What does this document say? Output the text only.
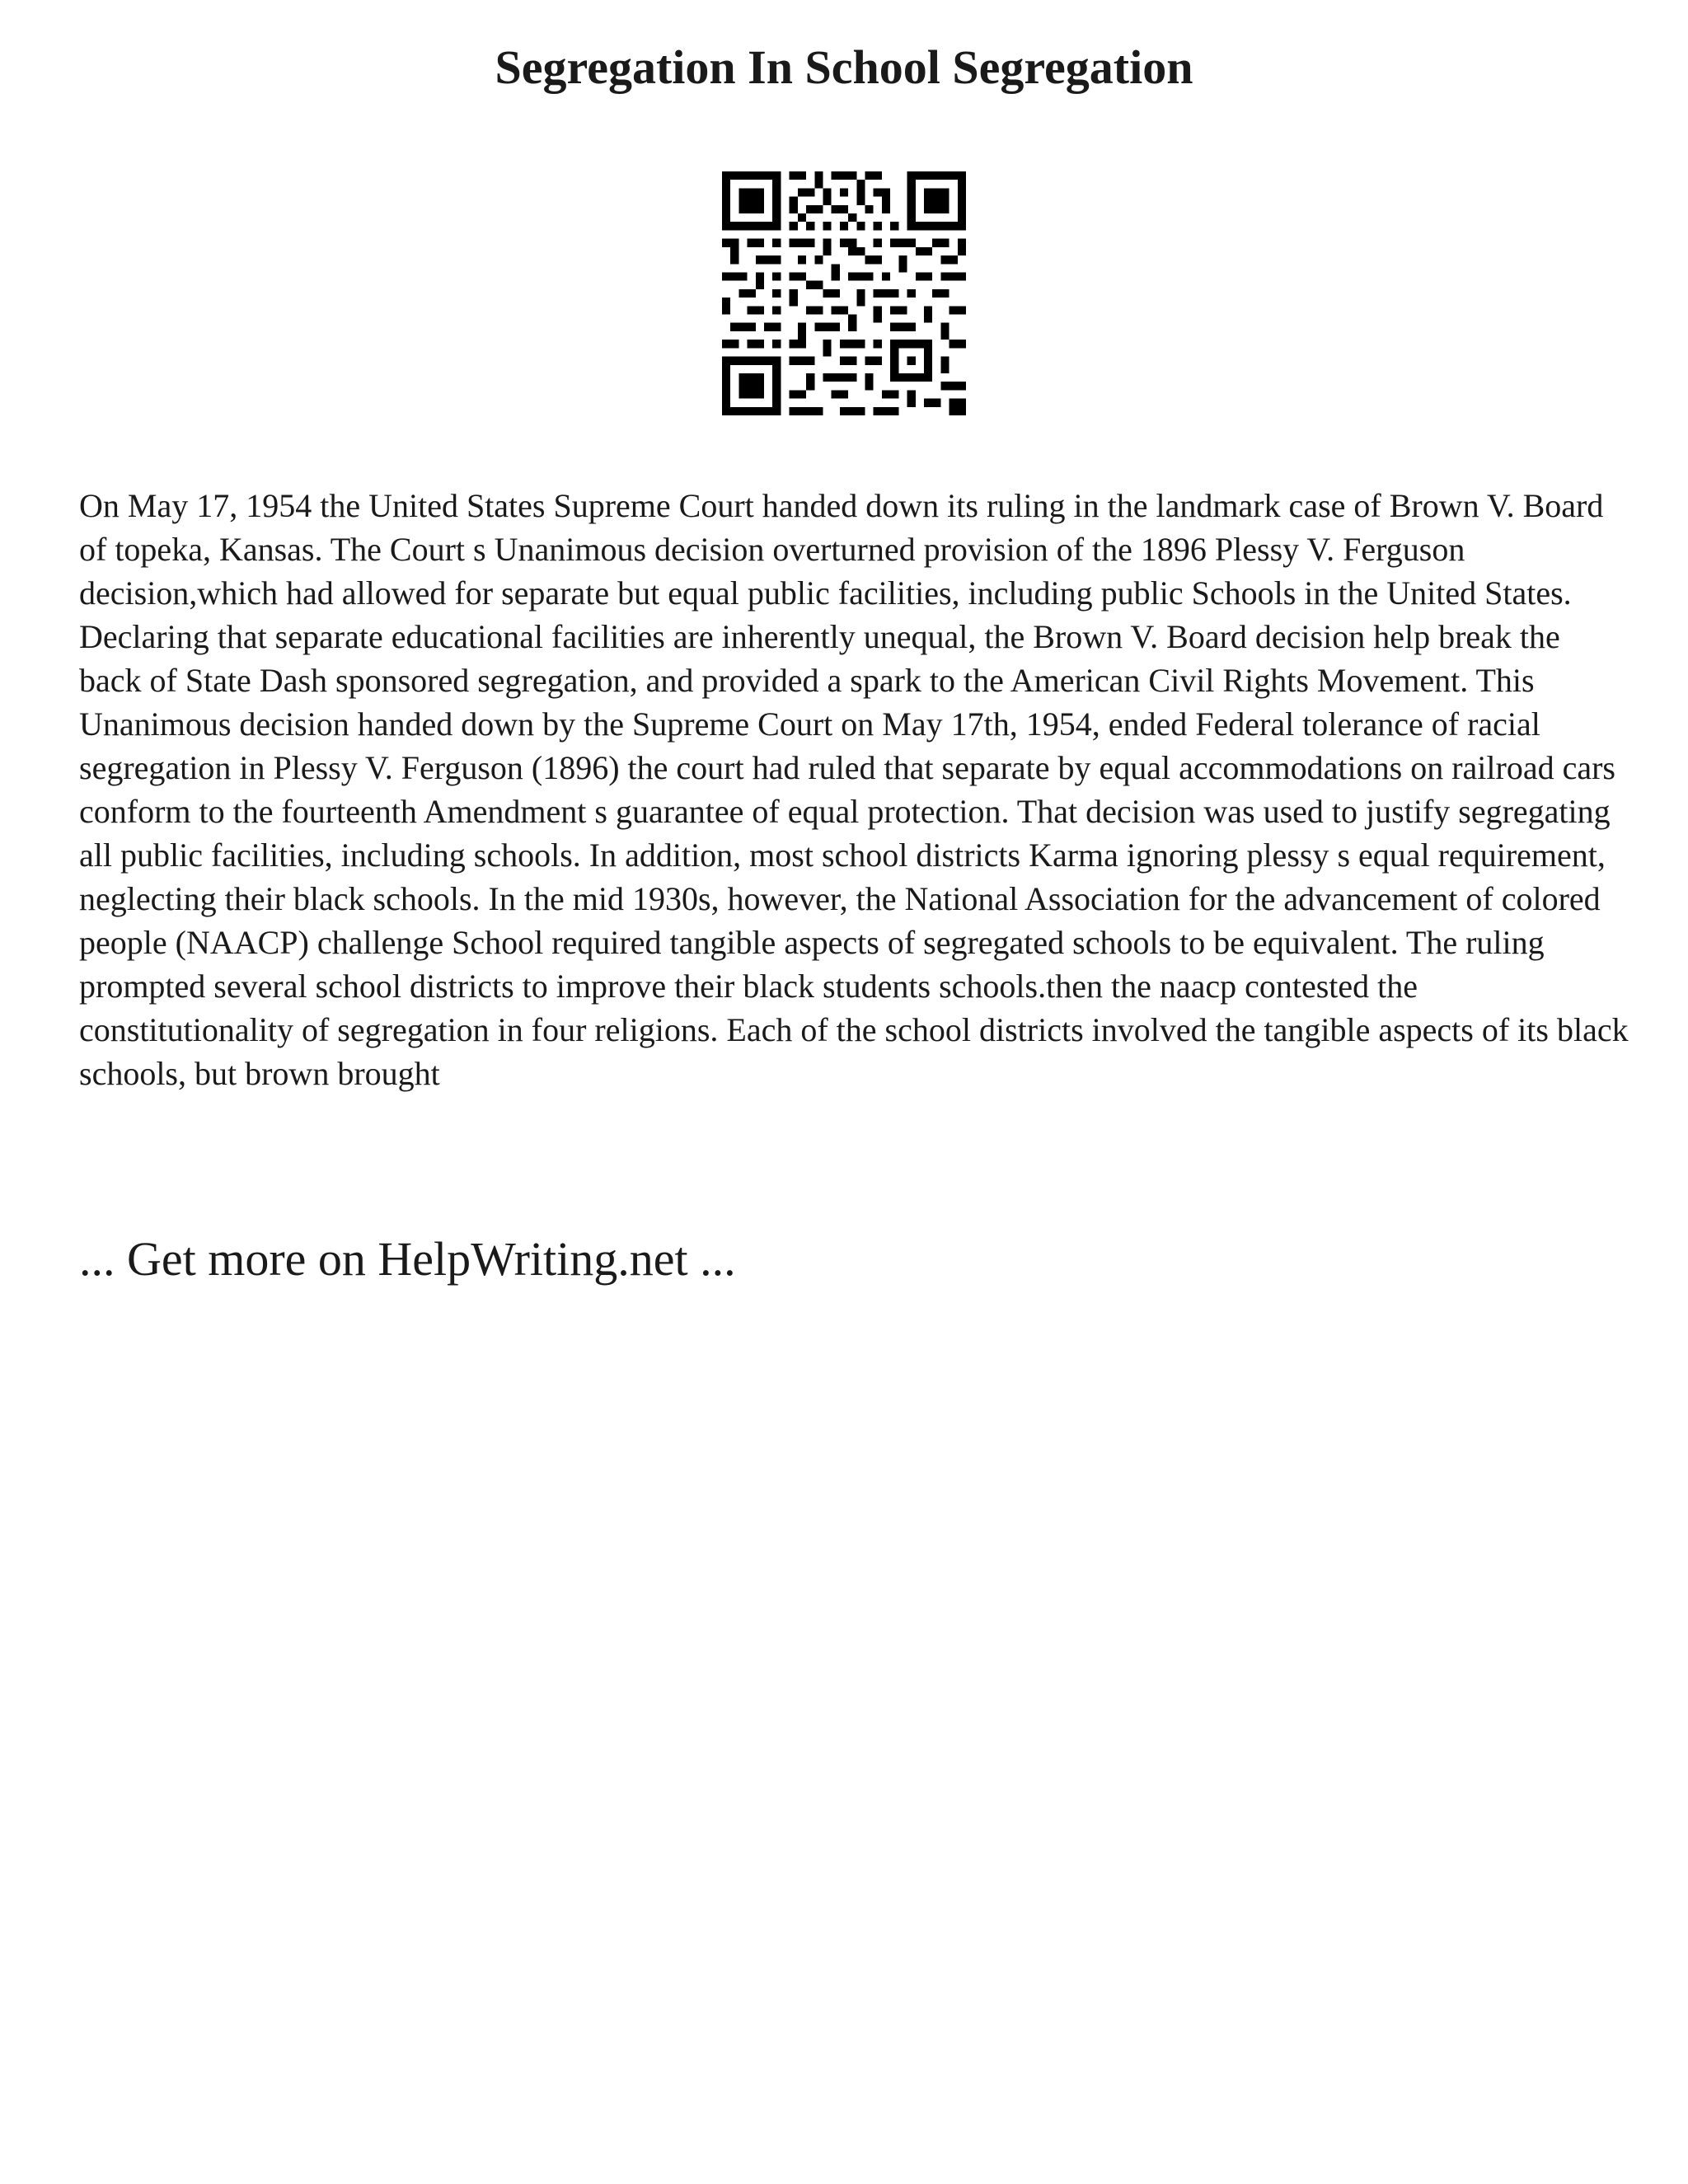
Segregation In School Segregation

On May 17, 1954 the United States Supreme Court handed down its ruling in the landmark case of Brown V. Board of topeka, Kansas. The Court s Unanimous decision overturned provision of the 1896 Plessy V. Ferguson decision,which had allowed for separate but equal public facilities, including public Schools in the United States. Declaring that separate educational facilities are inherently unequal, the Brown V. Board decision help break the back of State Dash sponsored segregation, and provided a spark to the American Civil Rights Movement. This Unanimous decision handed down by the Supreme Court on May 17th, 1954, ended Federal tolerance of racial segregation in Plessy V. Ferguson (1896) the court had ruled that separate by equal accommodations on railroad cars conform to the fourteenth Amendment s guarantee of equal protection. That decision was used to justify segregating all public facilities, including schools. In addition, most school districts Karma ignoring plessy s equal requirement, neglecting their black schools. In the mid 1930s, however, the National Association for the advancement of colored people (NAACP) challenge School required tangible aspects of segregated schools to be equivalent. The ruling prompted several school districts to improve their black students schools.then the naacp contested the constitutionality of segregation in four religions. Each of the school districts involved the tangible aspects of its black schools, but brown brought

... Get more on HelpWriting.net ...
